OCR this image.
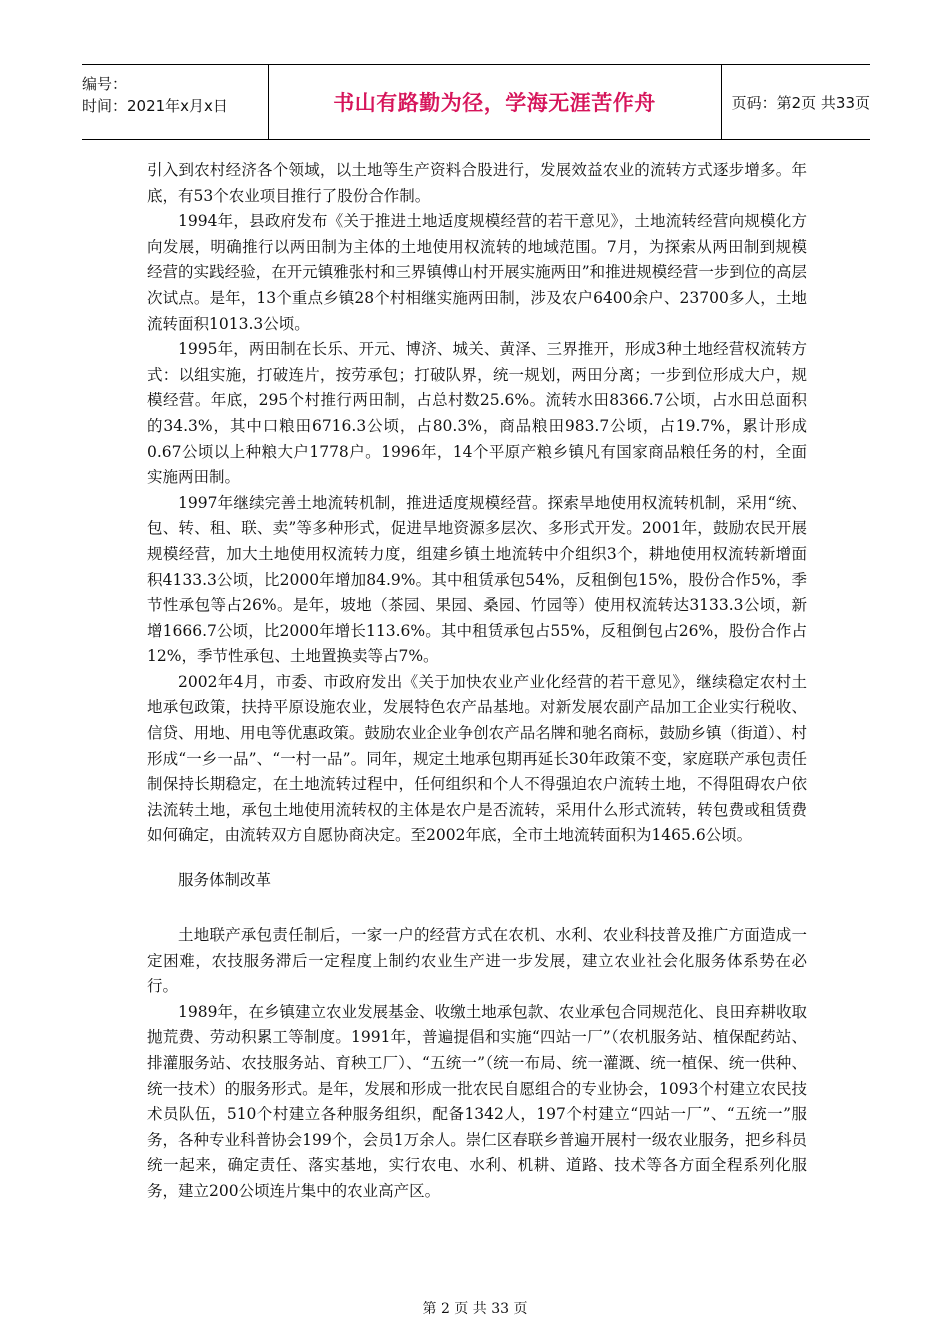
编号：
时间：2021年x月x日	书山有路勤为径，学海无涯苦作舟	页码：第2页 共33页

引入到农村经济各个领域，以土地等生产资料合股进行，发展效益农业的流转方式逐步增多。年底，有53个农业项目推行了股份合作制。

1994年，县政府发布《关于推进土地适度规模经营的若干意见》，土地流转经营向规模化方向发展，明确推行以两田制为主体的土地使用权流转的地域范围。7月，为探索从两田制到规模经营的实践经验，在开元镇雅张村和三界镇傅山村开展实施两田”和推进规模经营一步到位的高层次试点。是年，13个重点乡镇28个村相继实施两田制，涉及农户6400余户、23700多人，土地流转面积1013.3公顷。

1995年，两田制在长乐、开元、博济、城关、黄泽、三界推开，形成3种土地经营权流转方式：以组实施，打破连片，按劳承包；打破队界，统一规划，两田分离；一步到位形成大户，规模经营。年底，295个村推行两田制，占总村数25.6%。流转水田8366.7公顷，占水田总面积的34.3%，其中口粮田6716.3公顷，占80.3%，商品粮田983.7公顷，占19.7%，累计形成0.67公顷以上种粮大户1778户。1996年，14个平原产粮乡镇凡有国家商品粮任务的村，全面实施两田制。

1997年继续完善土地流转机制，推进适度规模经营。探索旱地使用权流转机制，采用“统、包、转、租、联、卖”等多种形式，促进旱地资源多层次、多形式开发。2001年，鼓励农民开展规模经营，加大土地使用权流转力度，组建乡镇土地流转中介组织3个，耕地使用权流转新增面积4133.3公顷，比2000年增加84.9%。其中租赁承包54%，反租倒包15%，股份合作5%，季节性承包等占26%。是年，坡地（茶园、果园、桑园、竹园等）使用权流转达3133.3公顷，新增1666.7公顷，比2000年增长113.6%。其中租赁承包占55%，反租倒包占26%，股份合作占12%，季节性承包、土地置换卖等占7%。

2002年4月，市委、市政府发出《关于加快农业产业化经营的若干意见》，继续稳定农村土地承包政策，扶持平原设施农业，发展特色农产品基地。对新发展农副产品加工企业实行税收、信贷、用地、用电等优惠政策。鼓励农业企业争创农产品名牌和驰名商标，鼓励乡镇（街道）、村形成“一乡一品”、“一村一品”。同年，规定土地承包期再延长30年政策不变，家庭联产承包责任制保持长期稳定，在土地流转过程中，任何组织和个人不得强迫农户流转土地，不得阻碍农户依法流转土地，承包土地使用流转权的主体是农户是否流转，采用什么形式流转，转包费或租赁费如何确定，由流转双方自愿协商决定。至2002年底，全市土地流转面积为1465.6公顷。

服务体制改革

土地联产承包责任制后，一家一户的经营方式在农机、水利、农业科技普及推广方面造成一定困难，农技服务滞后一定程度上制约农业生产进一步发展，建立农业社会化服务体系势在必行。

1989年，在乡镇建立农业发展基金、收缴土地承包款、农业承包合同规范化、良田弃耕收取抛荒费、劳动积累工等制度。1991年，普遍提倡和实施“四站一厂”（农机服务站、植保配药站、排灌服务站、农技服务站、育秧工厂）、“五统一”（统一布局、统一灌溉、统一植保、统一供种、统一技术）的服务形式。是年，发展和形成一批农民自愿组合的专业协会，1093个村建立农民技术员队伍，510个村建立各种服务组织，配备1342人，197个村建立“四站一厂”、“五统一”服务，各种专业科普协会199个，会员1万余人。崇仁区春联乡普遍开展村一级农业服务，把乡科员统一起来，确定责任、落实基地，实行农电、水利、机耕、道路、技术等各方面全程系列化服务，建立200公顷连片集中的农业高产区。

第 2 页 共 33 页
